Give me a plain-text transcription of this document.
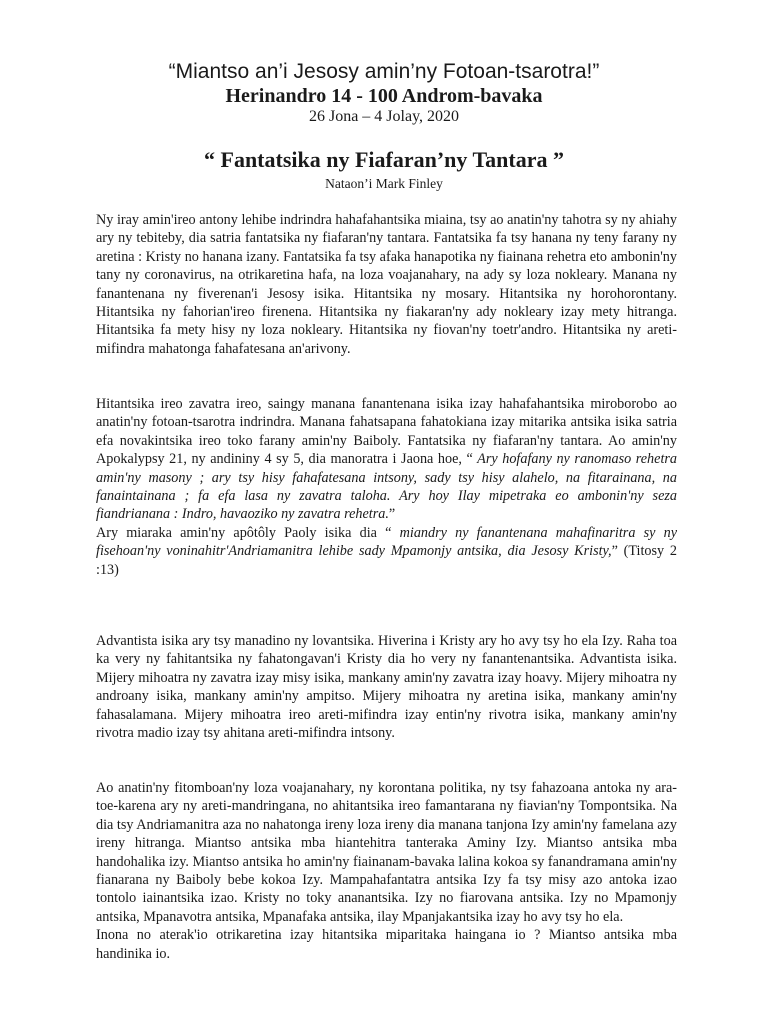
“Miantso an’i Jesosy amin’ny Fotoan-tsarotra!”
Herinandro 14 - 100 Androm-bavaka
26 Jona – 4 Jolay, 2020
“ Fantatsika ny Fiafaran’ny Tantara ”
Nataon’i Mark Finley

Ny iray amin'ireo antony lehibe indrindra hahafahantsika miaina, tsy ao anatin'ny tahotra sy ny ahiahy ary ny tebiteby, dia satria fantatsika ny fiafaran'ny tantara. Fantatsika fa tsy hanana ny teny farany ny aretina : Kristy no hanana izany. Fantatsika fa tsy afaka hanapotika ny fiainana rehetra eto ambonin'ny tany ny coronavirus, na otrikaretina hafa, na loza voajanahary, na ady sy loza nokleary. Manana ny fanantenana ny fiverenan'i Jesosy isika. Hitantsika ny mosary. Hitantsika ny horohorontany. Hitantsika ny fahorian'ireo firenena. Hitantsika ny fiakaran'ny ady nokleary izay mety hitranga. Hitantsika fa mety hisy ny loza nokleary. Hitantsika ny fiovan'ny toetr'andro. Hitantsika ny areti-mifindra mahatonga fahafatesana an'arivony.

Hitantsika ireo zavatra ireo, saingy manana fanantenana isika izay hahafahantsika miroborobo ao anatin'ny fotoan-tsarotra indrindra. Manana fahatsapana fahatokiana izay mitarika antsika isika satria efa novakintsika ireo toko farany amin'ny Baiboly. Fantatsika ny fiafaran'ny tantara. Ao amin'ny Apokalypsy 21, ny andininy 4 sy 5, dia manoratra i Jaona hoe, “ Ary hofafany ny ranomaso rehetra amin'ny masony ; ary tsy hisy fahafatesana intsony, sady tsy hisy alahelo, na fitarainana, na fanaintainana ; fa efa lasa ny zavatra taloha. Ary hoy Ilay mipetraka eo ambonin'ny seza fiandrianana : Indro, havaoziko ny zavatra rehetra.”

Ary miaraka amin'ny apôtôly Paoly isika dia “ miandry ny fanantenana mahafinaritra sy ny fisehoan'ny voninahitr'Andriamanitra lehibe sady Mpamonjy antsika, dia Jesosy Kristy,” (Titosy 2 :13)

Advantista isika ary tsy manadino ny lovantsika. Hiverina i Kristy ary ho avy tsy ho ela Izy. Raha toa ka very ny fahitantsika ny fahatongavan'i Kristy dia ho very ny fanantenantsika. Advantista isika. Mijery mihoatra ny zavatra izay misy isika, mankany amin'ny zavatra izay hoavy. Mijery mihoatra ny androany isika, mankany amin'ny ampitso. Mijery mihoatra ny aretina isika, mankany amin'ny fahasalamana. Mijery mihoatra ireo areti-mifindra izay entin'ny rivotra isika, mankany amin'ny rivotra madio izay tsy ahitana areti-mifindra intsony.

Ao anatin'ny fitomboan'ny loza voajanahary, ny korontana politika, ny tsy fahazoana antoka ny ara-toe-karena ary ny areti-mandringana, no ahitantsika ireo famantarana ny fiavian'ny Tompontsika. Na dia tsy Andriamanitra aza no nahatonga ireny loza ireny dia manana tanjona Izy amin'ny famelana azy ireny hitranga. Miantso antsika mba hiantehitra tanteraka Aminy Izy. Miantso antsika mba handohalika izy. Miantso antsika ho amin'ny fiainanam-bavaka lalina kokoa sy fanandramana amin'ny fianarana ny Baiboly bebe kokoa Izy. Mampahafantatra antsika Izy fa tsy misy azo antoka izao tontolo iainantsika izao. Kristy no toky ananantsika. Izy no fiarovana antsika. Izy no Mpamonjy antsika, Mpanavotra antsika, Mpanafaka antsika, ilay Mpanjakantsika izay ho avy tsy ho ela.

Inona no aterak'io otrikaretina izay hitantsika miparitaka haingana io ? Miantso antsika mba handinika io.
